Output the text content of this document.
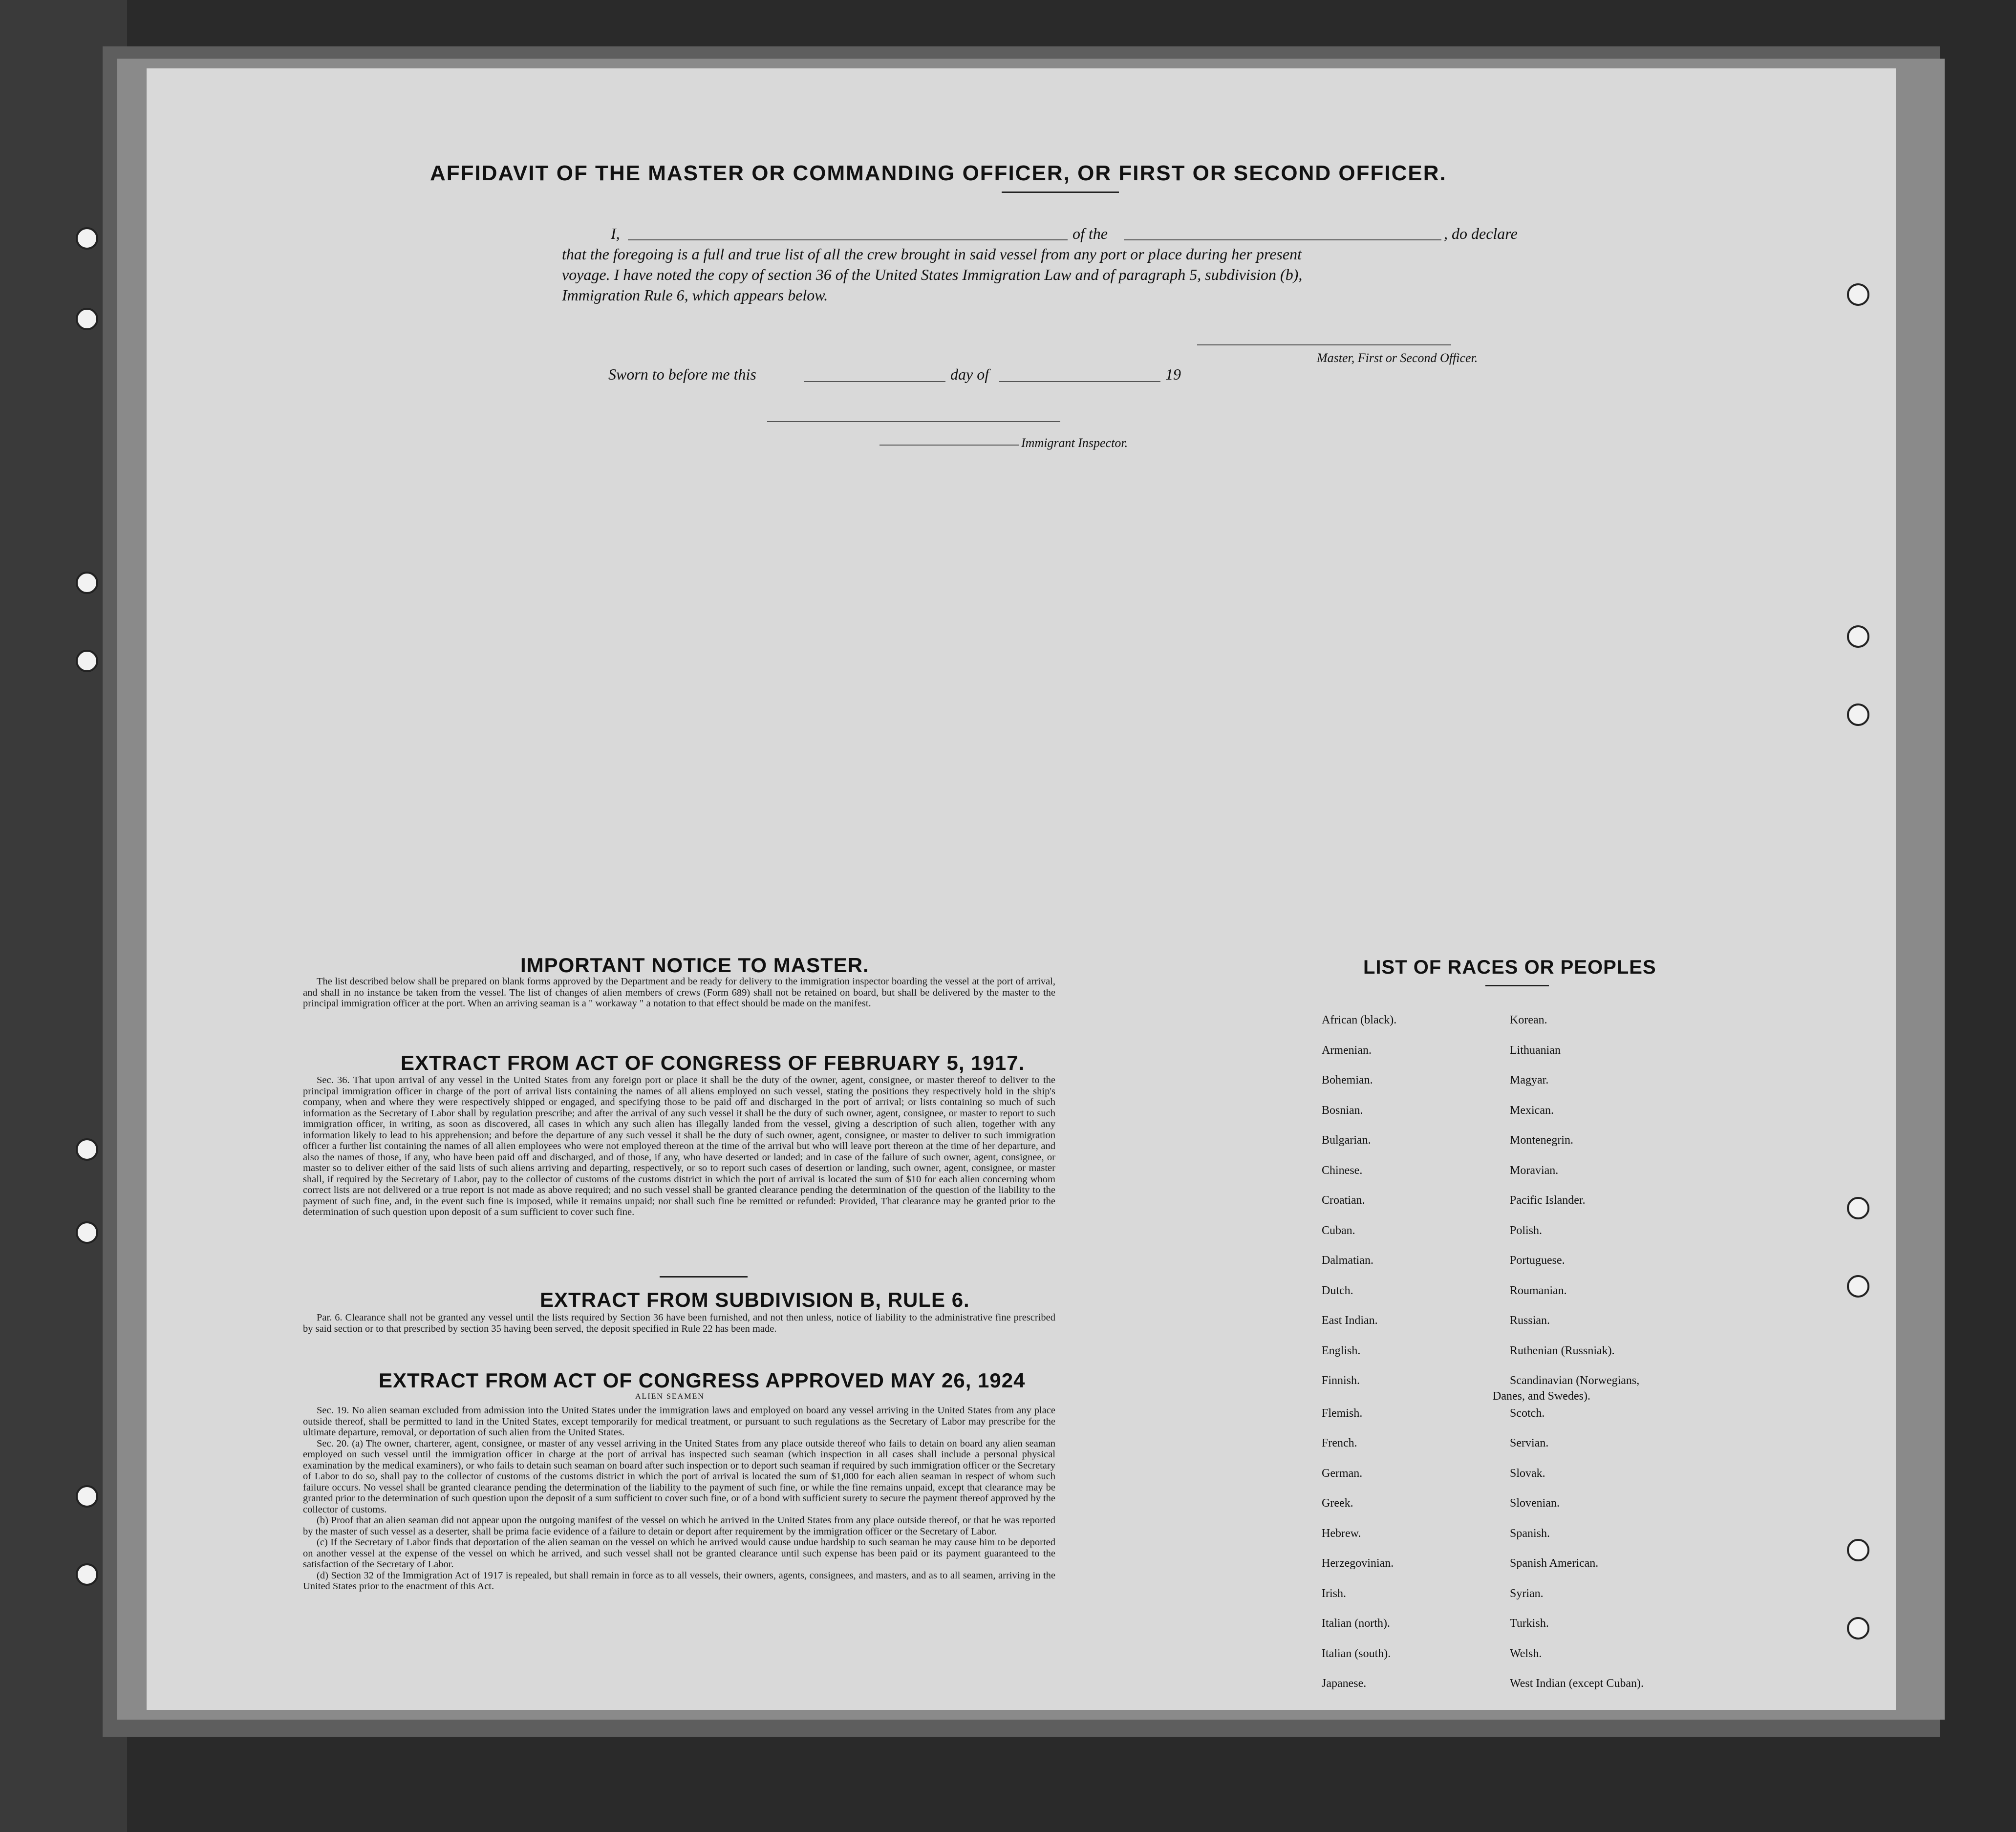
AFFIDAVIT OF THE MASTER OR COMMANDING OFFICER, OR FIRST OR SECOND OFFICER.
I,	of the	, do declare
that the foregoing is a full and true list of all the crew brought in said vessel from any port or place during her present
voyage. I have noted the copy of section 36 of the United States Immigration Law and of paragraph 5, subdivision (b),
Immigration Rule 6, which appears below.
Master, First or Second Officer.
Sworn to before me this	day of	19
Immigrant Inspector.
IMPORTANT NOTICE TO MASTER.

The list described below shall be prepared on blank forms approved by the Department and be ready for delivery to the immigration inspector boarding the vessel at the port of arrival, and shall in no instance be taken from the vessel. The list of changes of alien members of crews (Form 689) shall not be retained on board, but shall be delivered by the master to the principal immigration officer at the port. When an arriving seaman is a " workaway " a notation to that effect should be made on the manifest.

EXTRACT FROM ACT OF CONGRESS OF FEBRUARY 5, 1917.

Sec. 36. That upon arrival of any vessel in the United States from any foreign port or place it shall be the duty of the owner, agent, consignee, or master thereof to deliver to the principal immigration officer in charge of the port of arrival lists containing the names of all aliens employed on such vessel, stating the positions they respectively hold in the ship's company, when and where they were respectively shipped or engaged, and specifying those to be paid off and discharged in the port of arrival; or lists containing so much of such information as the Secretary of Labor shall by regulation prescribe; and after the arrival of any such vessel it shall be the duty of such owner, agent, consignee, or master to report to such immigration officer, in writing, as soon as discovered, all cases in which any such alien has illegally landed from the vessel, giving a description of such alien, together with any information likely to lead to his apprehension; and before the departure of any such vessel it shall be the duty of such owner, agent, consignee, or master to deliver to such immigration officer a further list containing the names of all alien employees who were not employed thereon at the time of the arrival but who will leave port thereon at the time of her departure, and also the names of those, if any, who have been paid off and discharged, and of those, if any, who have deserted or landed; and in case of the failure of such owner, agent, consignee, or master so to deliver either of the said lists of such aliens arriving and departing, respectively, or so to report such cases of desertion or landing, such owner, agent, consignee, or master shall, if required by the Secretary of Labor, pay to the collector of customs of the customs district in which the port of arrival is located the sum of $10 for each alien concerning whom correct lists are not delivered or a true report is not made as above required; and no such vessel shall be granted clearance pending the determination of the question of the liability to the payment of such fine, and, in the event such fine is imposed, while it remains unpaid; nor shall such fine be remitted or refunded: Provided, That clearance may be granted prior to the determination of such question upon deposit of a sum sufficient to cover such fine.

EXTRACT FROM SUBDIVISION B, RULE 6.

Par. 6. Clearance shall not be granted any vessel until the lists required by Section 36 have been furnished, and not then unless, notice of liability to the administrative fine prescribed by said section or to that prescribed by section 35 having been served, the deposit specified in Rule 22 has been made.

EXTRACT FROM ACT OF CONGRESS APPROVED MAY 26, 1924
ALIEN SEAMEN

Sec. 19. No alien seaman excluded from admission into the United States under the immigration laws and employed on board any vessel arriving in the United States from any place outside thereof, shall be permitted to land in the United States, except temporarily for medical treatment, or pursuant to such regulations as the Secretary of Labor may prescribe for the ultimate departure, removal, or deportation of such alien from the United States.

Sec. 20. (a) The owner, charterer, agent, consignee, or master of any vessel arriving in the United States from any place outside thereof who fails to detain on board any alien seaman employed on such vessel until the immigration officer in charge at the port of arrival has inspected such seaman (which inspection in all cases shall include a personal physical examination by the medical examiners), or who fails to detain such seaman on board after such inspection or to deport such seaman if required by such immigration officer or the Secretary of Labor to do so, shall pay to the collector of customs of the customs district in which the port of arrival is located the sum of $1,000 for each alien seaman in respect of whom such failure occurs. No vessel shall be granted clearance pending the determination of the liability to the payment of such fine, or while the fine remains unpaid, except that clearance may be granted prior to the determination of such question upon the deposit of a sum sufficient to cover such fine, or of a bond with sufficient surety to secure the payment thereof approved by the collector of customs.

(b) Proof that an alien seaman did not appear upon the outgoing manifest of the vessel on which he arrived in the United States from any place outside thereof, or that he was reported by the master of such vessel as a deserter, shall be prima facie evidence of a failure to detain or deport after requirement by the immigration officer or the Secretary of Labor.

(c) If the Secretary of Labor finds that deportation of the alien seaman on the vessel on which he arrived would cause undue hardship to such seaman he may cause him to be deported on another vessel at the expense of the vessel on which he arrived, and such vessel shall not be granted clearance until such expense has been paid or its payment guaranteed to the satisfaction of the Secretary of Labor.

(d) Section 32 of the Immigration Act of 1917 is repealed, but shall remain in force as to all vessels, their owners, agents, consignees, and masters, and as to all seamen, arriving in the United States prior to the enactment of this Act.

LIST OF RACES OR PEOPLES
Danes, and Swedes).
African (black).
Armenian.
Bohemian.
Bosnian.
Bulgarian.
Chinese.
Croatian.
Cuban.
Dalmatian.
Dutch.
East Indian.
English.
Finnish.
Flemish.
French.
German.
Greek.
Hebrew.
Herzegovinian.
Irish.
Italian (north).
Italian (south).
Japanese.
Korean.
Lithuanian
Magyar.
Mexican.
Montenegrin.
Moravian.
Pacific Islander.
Polish.
Portuguese.
Roumanian.
Russian.
Ruthenian (Russniak).
Scandinavian (Norwegians,
Scotch.
Servian.
Slovak.
Slovenian.
Spanish.
Spanish American.
Syrian.
Turkish.
Welsh.
West Indian (except Cuban).
